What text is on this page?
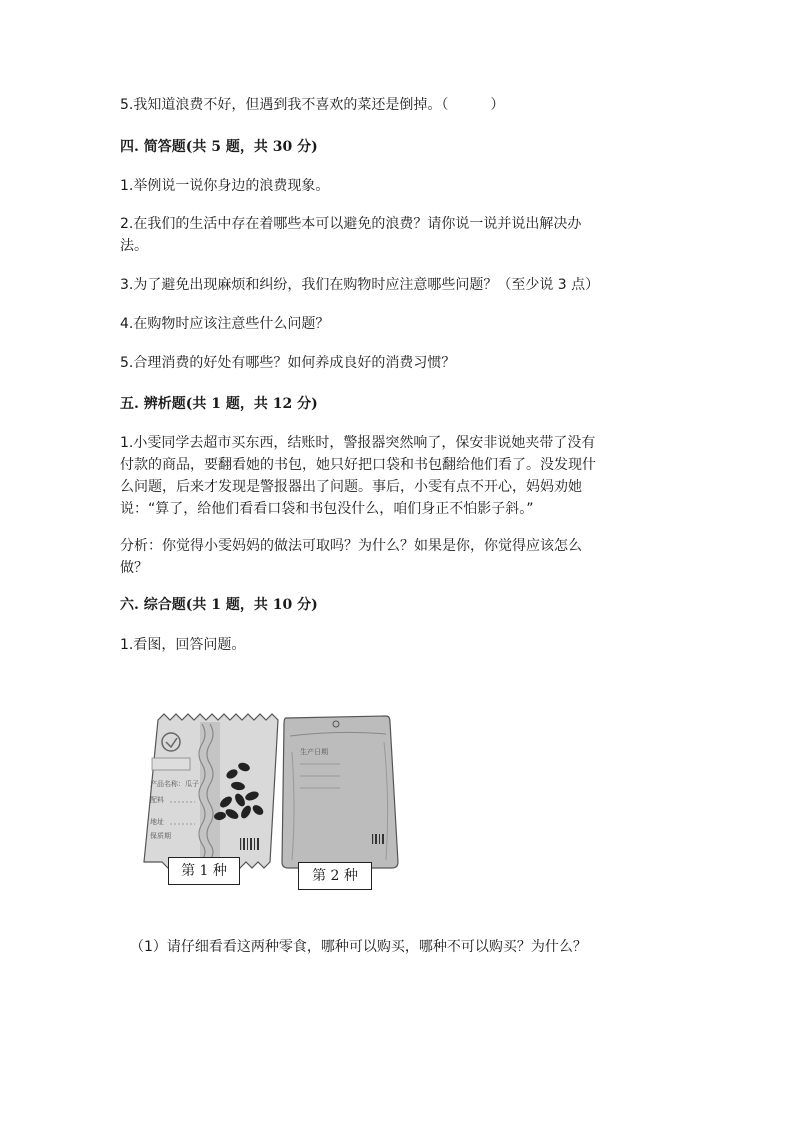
5.我知道浪费不好，但遇到我不喜欢的菜还是倒掉。（　　　）
四. 简答题(共 5 题，共 30 分)
1.举例说一说你身边的浪费现象。
2.在我们的生活中存在着哪些本可以避免的浪费？请你说一说并说出解决办
法。
3.为了避免出现麻烦和纠纷，我们在购物时应注意哪些问题？（至少说 3 点）
4.在购物时应该注意些什么问题？
5.合理消费的好处有哪些？如何养成良好的消费习惯？
五. 辨析题(共 1 题，共 12 分)
1.小雯同学去超市买东西，结账时，警报器突然响了，保安非说她夹带了没有
付款的商品，要翻看她的书包，她只好把口袋和书包翻给他们看了。没发现什
么问题，后来才发现是警报器出了问题。事后，小雯有点不开心，妈妈劝她
说：“算了，给他们看看口袋和书包没什么，咱们身正不怕影子斜。”
分析：你觉得小雯妈妈的做法可取吗？为什么？如果是你，你觉得应该怎么
做？
六. 综合题(共 1 题，共 10 分)
1.看图，回答问题。
产品名称：瓜子
配料
地址
保质期
生产日期
第 1 种	第 2 种
（1）请仔细看看这两种零食，哪种可以购买，哪种不可以购买？为什么？
